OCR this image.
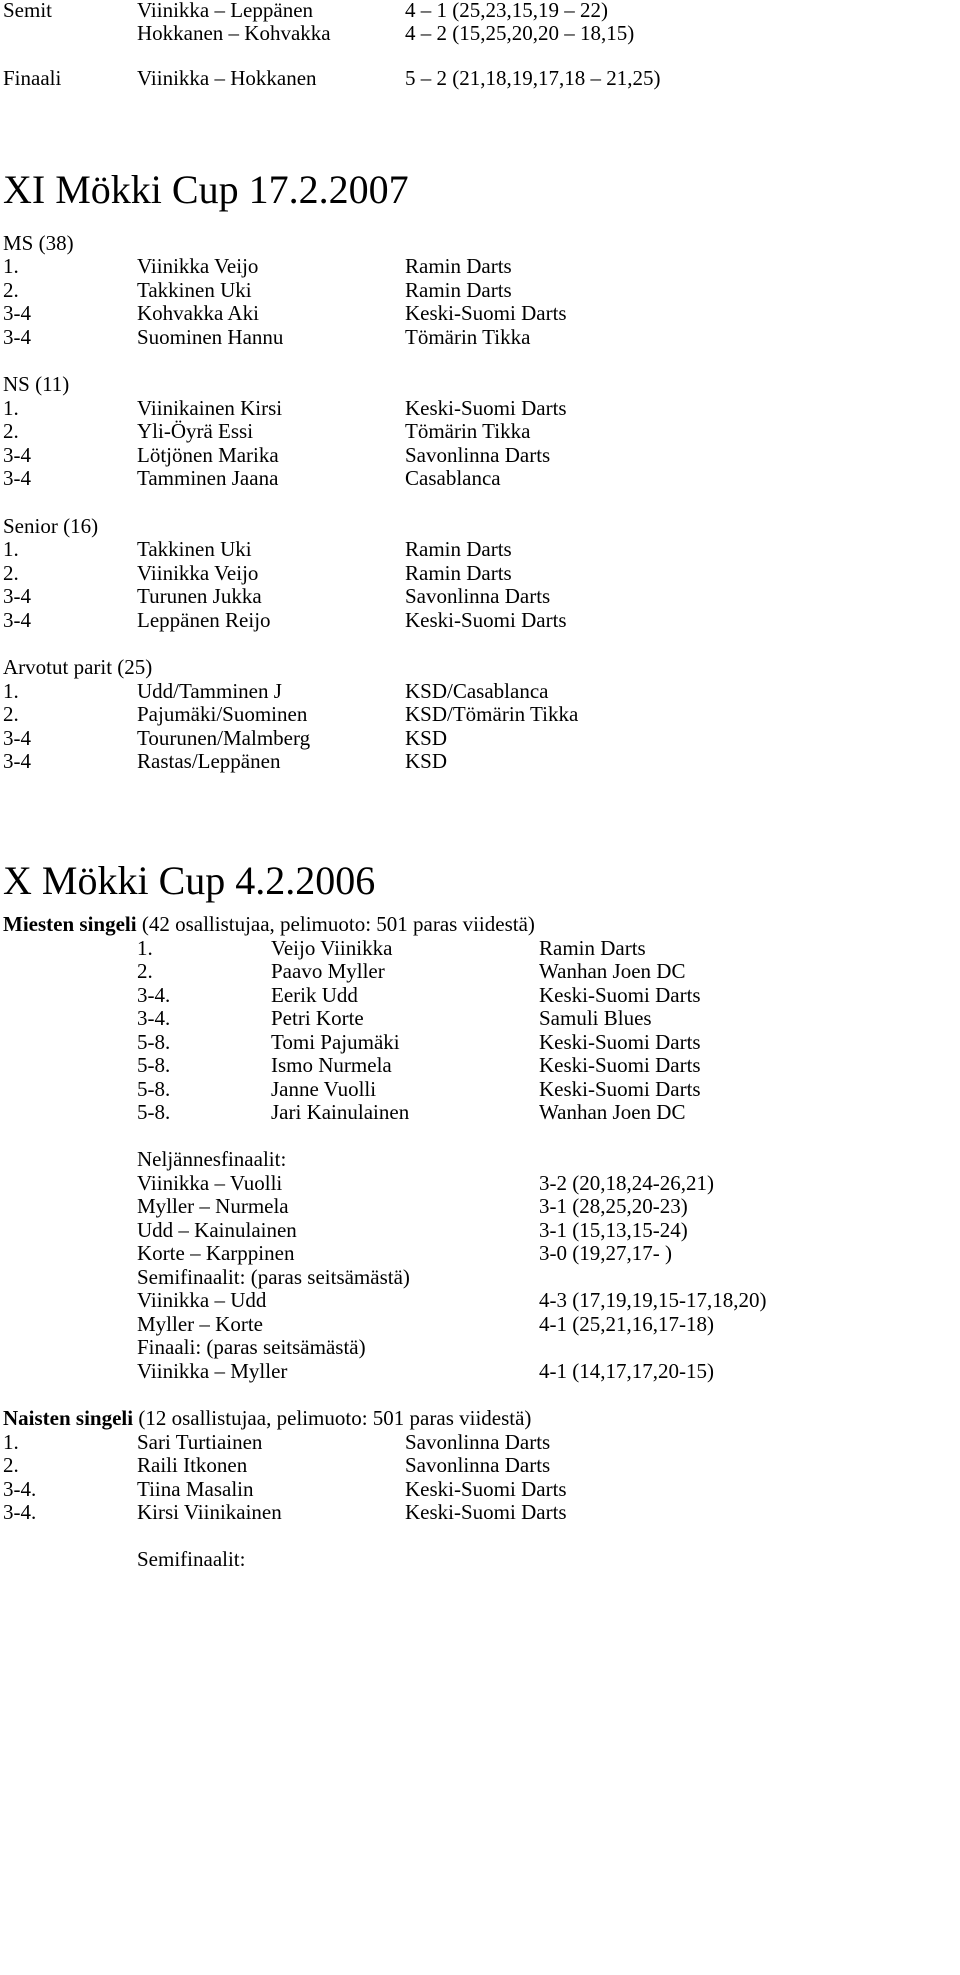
Semit	Viinikka – Leppänen	4 – 1 (25,23,15,19 – 22)
Hokkanen – Kohvakka	4 – 2 (15,25,20,20 – 18,15)
Finaali	Viinikka – Hokkanen	5 – 2 (21,18,19,17,18 – 21,25)
XI Mökki Cup 17.2.2007
MS (38)
1.	Viinikka Veijo	Ramin Darts
2.	Takkinen Uki	Ramin Darts
3-4	Kohvakka Aki	Keski-Suomi Darts
3-4	Suominen Hannu	Tömärin Tikka
NS (11)
1.	Viinikainen Kirsi	Keski-Suomi Darts
2.	Yli-Öyrä Essi	Tömärin Tikka
3-4	Lötjönen Marika	Savonlinna Darts
3-4	Tamminen Jaana	Casablanca
Senior (16)
1.	Takkinen Uki	Ramin Darts
2.	Viinikka Veijo	Ramin Darts
3-4	Turunen Jukka	Savonlinna Darts
3-4	Leppänen Reijo	Keski-Suomi Darts
Arvotut parit (25)
1.	Udd/Tamminen J	KSD/Casablanca
2.	Pajumäki/Suominen	KSD/Tömärin Tikka
3-4	Tourunen/Malmberg	KSD
3-4	Rastas/Leppänen	KSD
X Mökki Cup 4.2.2006
Miesten singeli (42 osallistujaa, pelimuoto: 501 paras viidestä)
1.	Veijo Viinikka	Ramin Darts
2.	Paavo Myller	Wanhan Joen DC
3-4.	Eerik Udd	Keski-Suomi Darts
3-4.	Petri Korte	Samuli Blues
5-8.	Tomi Pajumäki	Keski-Suomi Darts
5-8.	Ismo Nurmela	Keski-Suomi Darts
5-8.	Janne Vuolli	Keski-Suomi Darts
5-8.	Jari Kainulainen	Wanhan Joen DC
Neljännesfinaalit:
Viinikka – Vuolli	3-2 (20,18,24-26,21)
Myller – Nurmela	3-1 (28,25,20-23)
Udd – Kainulainen	3-1 (15,13,15-24)
Korte – Karppinen	3-0 (19,27,17- )
Semifinaalit: (paras seitsämästä)
Viinikka – Udd	4-3 (17,19,19,15-17,18,20)
Myller – Korte	4-1 (25,21,16,17-18)
Finaali: (paras seitsämästä)
Viinikka – Myller	4-1 (14,17,17,20-15)
Naisten singeli (12 osallistujaa, pelimuoto: 501 paras viidestä)
1.	Sari Turtiainen	Savonlinna Darts
2.	Raili Itkonen	Savonlinna Darts
3-4.	Tiina Masalin	Keski-Suomi Darts
3-4.	Kirsi Viinikainen	Keski-Suomi Darts
Semifinaalit:
